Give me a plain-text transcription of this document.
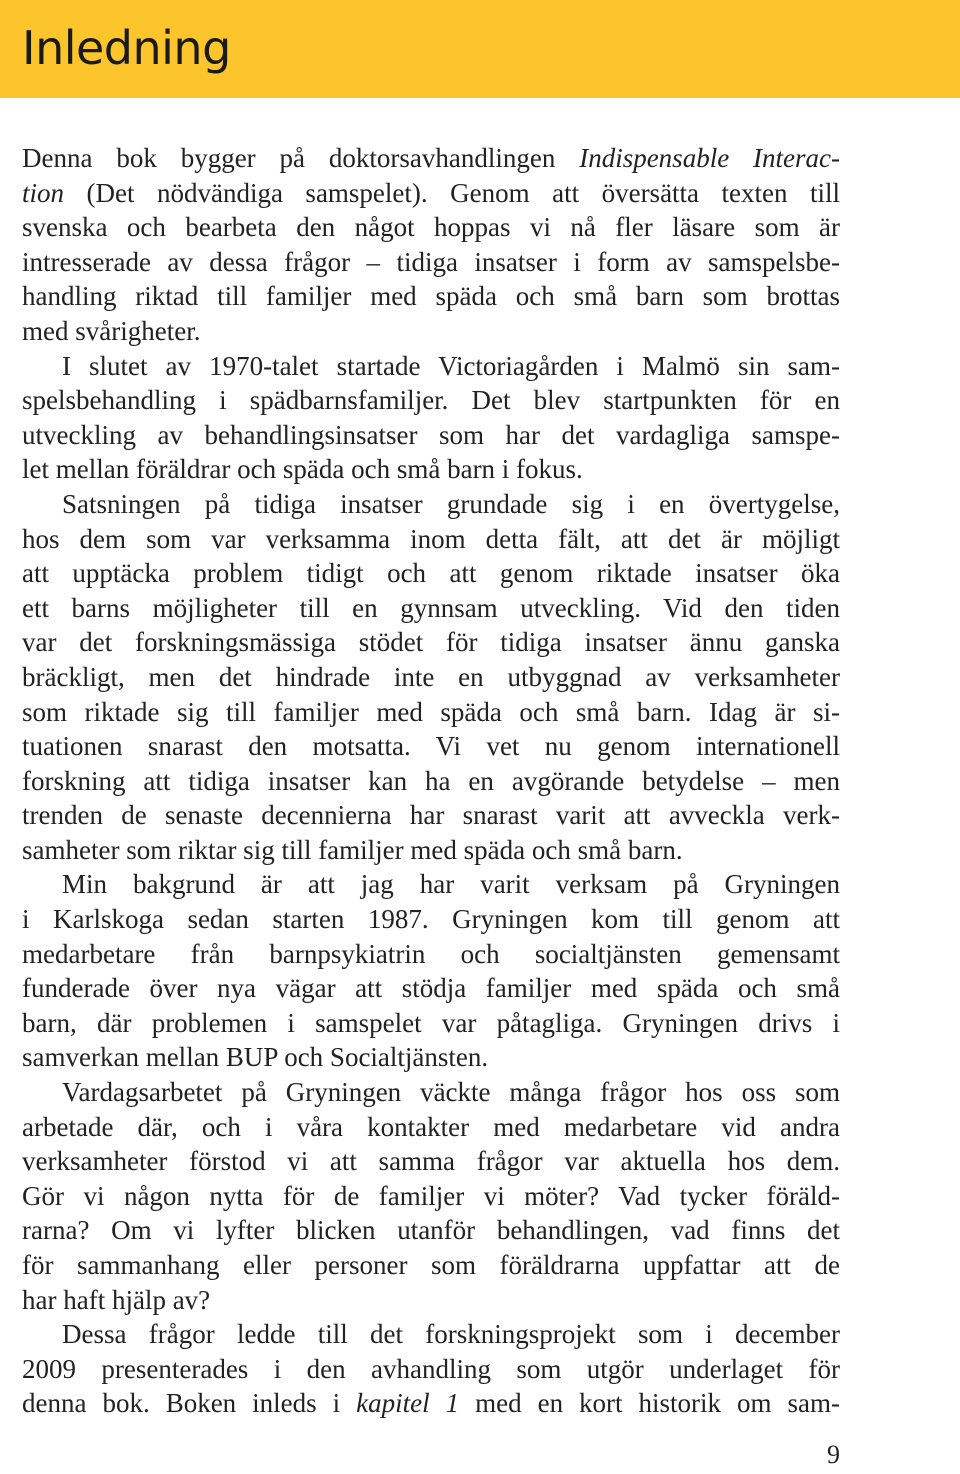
Inledning

Denna bok bygger på doktorsavhandlingen Indispensable Interac-
tion (Det nödvändiga samspelet). Genom att översätta texten till
svenska och bearbeta den något hoppas vi nå fler läsare som är
intresserade av dessa frågor – tidiga insatser i form av samspelsbe-
handling riktad till familjer med späda och små barn som brottas
med svårigheter.

I slutet av 1970-talet startade Victoriagården i Malmö sin sam-
spelsbehandling i spädbarnsfamiljer. Det blev startpunkten för en
utveckling av behandlingsinsatser som har det vardagliga samspe-
let mellan föräldrar och späda och små barn i fokus.

Satsningen på tidiga insatser grundade sig i en övertygelse,
hos dem som var verksamma inom detta fält, att det är möjligt
att upptäcka problem tidigt och att genom riktade insatser öka
ett barns möjligheter till en gynnsam utveckling. Vid den tiden
var det forskningsmässiga stödet för tidiga insatser ännu ganska
bräckligt, men det hindrade inte en utbyggnad av verksamheter
som riktade sig till familjer med späda och små barn. Idag är si-
tuationen snarast den motsatta. Vi vet nu genom internationell
forskning att tidiga insatser kan ha en avgörande betydelse – men
trenden de senaste decennierna har snarast varit att avveckla verk-
samheter som riktar sig till familjer med späda och små barn.

Min bakgrund är att jag har varit verksam på Gryningen
i Karlskoga sedan starten 1987. Gryningen kom till genom att
medarbetare från barnpsykiatrin och socialtjänsten gemensamt
funderade över nya vägar att stödja familjer med späda och små
barn, där problemen i samspelet var påtagliga. Gryningen drivs i
samverkan mellan BUP och Socialtjänsten.

Vardagsarbetet på Gryningen väckte många frågor hos oss som
arbetade där, och i våra kontakter med medarbetare vid andra
verksamheter förstod vi att samma frågor var aktuella hos dem.
Gör vi någon nytta för de familjer vi möter? Vad tycker föräld-
rarna? Om vi lyfter blicken utanför behandlingen, vad finns det
för sammanhang eller personer som föräldrarna uppfattar att de
har haft hjälp av?

Dessa frågor ledde till det forskningsprojekt som i december
2009 presenterades i den avhandling som utgör underlaget för
denna bok. Boken inleds i kapitel 1 med en kort historik om sam-

9
